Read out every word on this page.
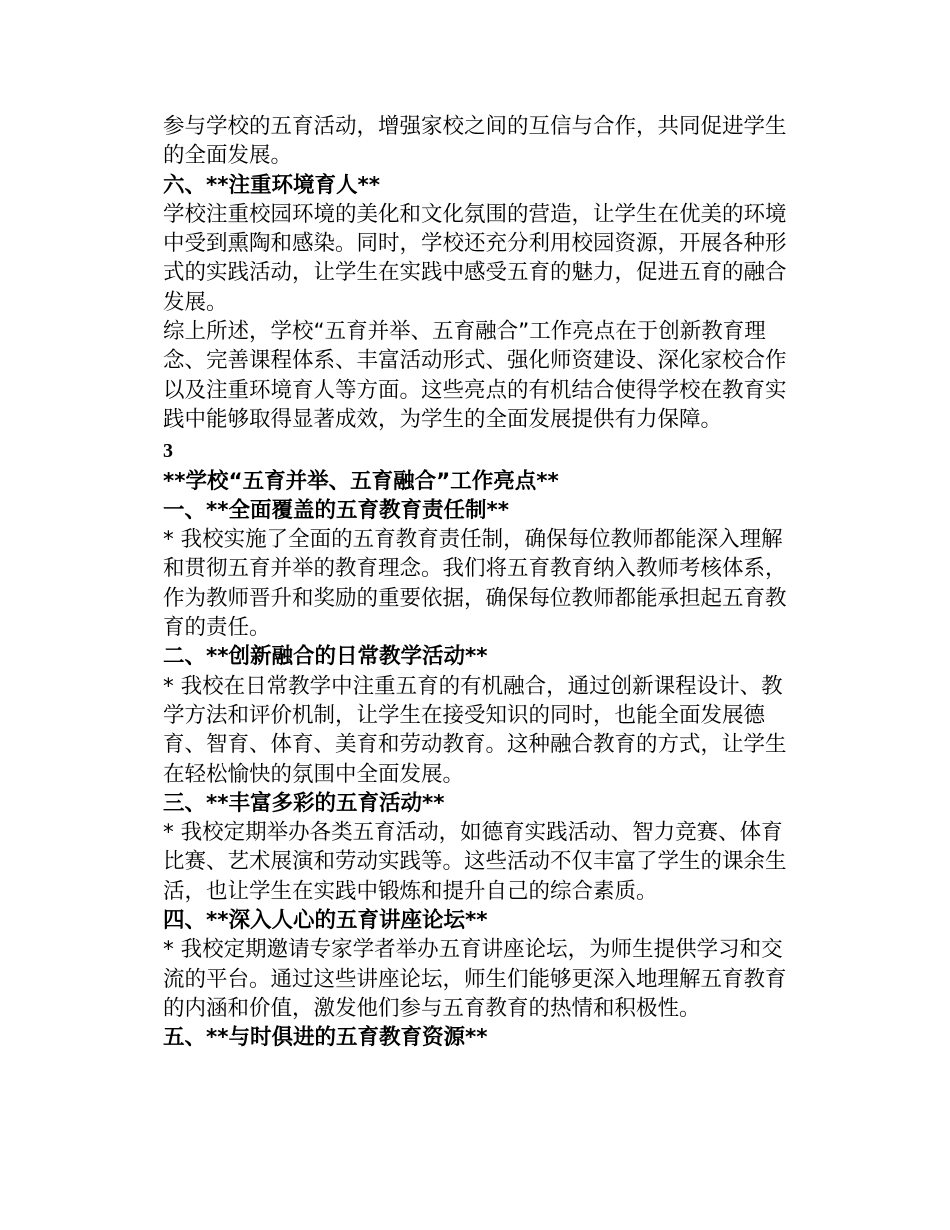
参与学校的五育活动，增强家校之间的互信与合作，共同促进学生的全面发展。

六、**注重环境育人**

学校注重校园环境的美化和文化氛围的营造，让学生在优美的环境中受到熏陶和感染。同时，学校还充分利用校园资源，开展各种形式的实践活动，让学生在实践中感受五育的魅力，促进五育的融合发展。

综上所述，学校“五育并举、五育融合”工作亮点在于创新教育理念、完善课程体系、丰富活动形式、强化师资建设、深化家校合作以及注重环境育人等方面。这些亮点的有机结合使得学校在教育实践中能够取得显著成效，为学生的全面发展提供有力保障。

3

**学校“五育并举、五育融合”工作亮点**

一、**全面覆盖的五育教育责任制**

* 我校实施了全面的五育教育责任制，确保每位教师都能深入理解和贯彻五育并举的教育理念。我们将五育教育纳入教师考核体系，作为教师晋升和奖励的重要依据，确保每位教师都能承担起五育教育的责任。

二、**创新融合的日常教学活动**

* 我校在日常教学中注重五育的有机融合，通过创新课程设计、教学方法和评价机制，让学生在接受知识的同时，也能全面发展德育、智育、体育、美育和劳动教育。这种融合教育的方式，让学生在轻松愉快的氛围中全面发展。

三、**丰富多彩的五育活动**

* 我校定期举办各类五育活动，如德育实践活动、智力竞赛、体育比赛、艺术展演和劳动实践等。这些活动不仅丰富了学生的课余生活，也让学生在实践中锻炼和提升自己的综合素质。

四、**深入人心的五育讲座论坛**

* 我校定期邀请专家学者举办五育讲座论坛，为师生提供学习和交流的平台。通过这些讲座论坛，师生们能够更深入地理解五育教育的内涵和价值，激发他们参与五育教育的热情和积极性。

五、**与时俱进的五育教育资源**
